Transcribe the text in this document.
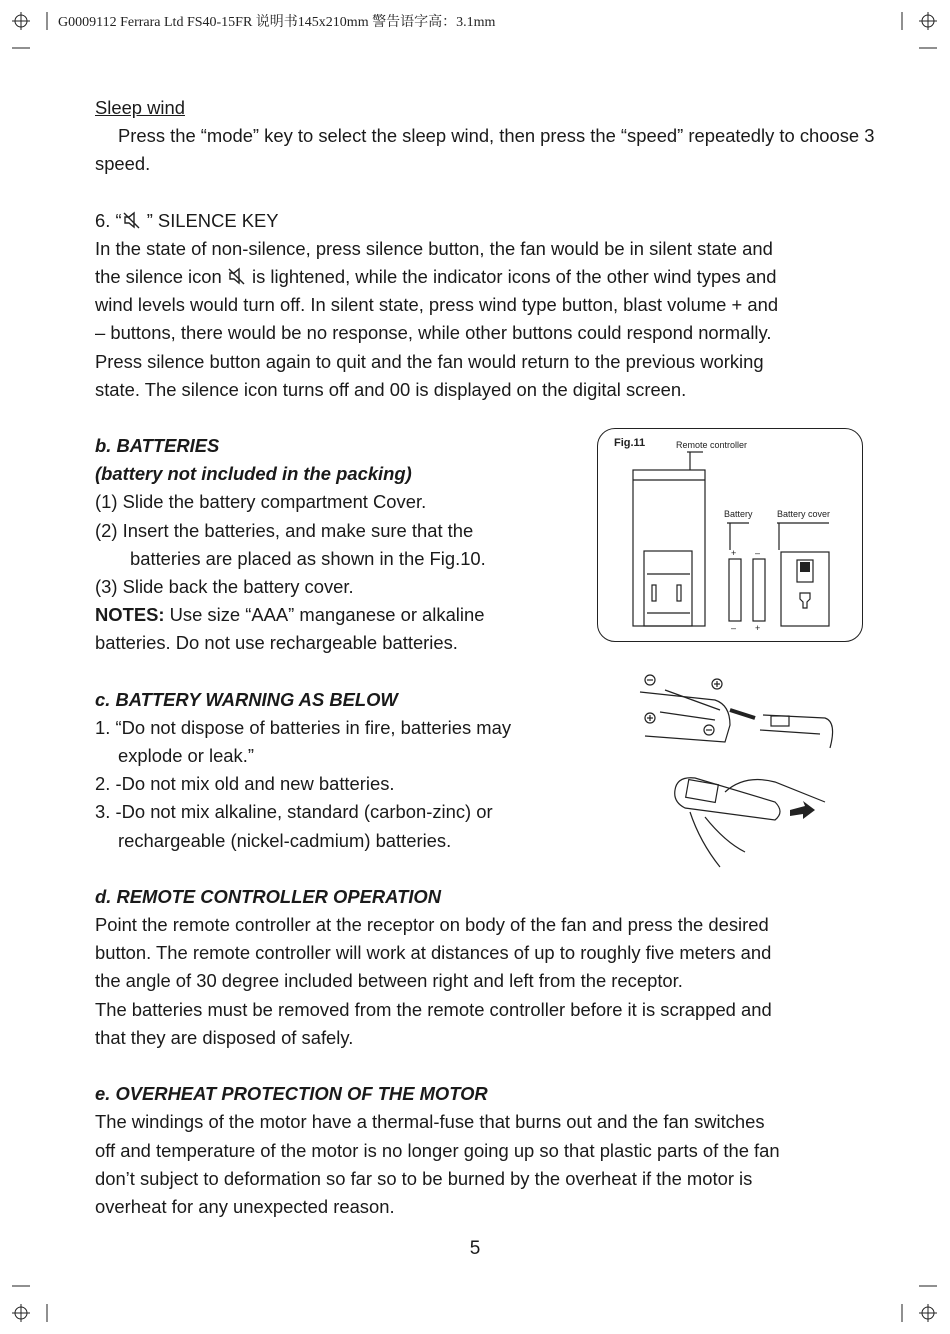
G0009112 Ferrara Ltd FS40-15FR 说明书145x210mm 警告语字高：3.1mm

Sleep wind

Press the “mode” key to select the sleep wind, then press the “speed” repeatedly to choose 3 speed.

6. “ ” SILENCE KEY

In the state of non-silence, press silence button, the fan would be in silent state and

the silence icon is lightened, while the indicator icons of the other wind types and

wind levels would turn off. In silent state, press wind type button, blast volume + and

– buttons, there would be no response, while other buttons could respond normally.

Press silence button again to quit and the fan would return to the previous working

state. The silence icon turns off and 00 is displayed on the digital screen.

b. BATTERIES

(battery not included in the packing)

(1) Slide the battery compartment Cover.

(2) Insert the batteries, and make sure that the

batteries are placed as shown in the Fig.10.

(3) Slide back the battery cover.

NOTES: Use size “AAA” manganese or alkaline

batteries. Do not use rechargeable batteries.

c. BATTERY WARNING AS BELOW

1. “Do not dispose of batteries in fire, batteries may

explode or leak.”

2. -Do not mix old and new batteries.

3. -Do not mix alkaline, standard (carbon-zinc) or

rechargeable (nickel-cadmium) batteries.

d. REMOTE CONTROLLER OPERATION

Point the remote controller at the receptor on body of the fan and press the desired

button. The remote controller will work at distances of up to roughly five meters and

the angle of 30 degree included between right and left from the receptor.

The batteries must be removed from the remote controller before it is scrapped and

that they are disposed of safely.

e. OVERHEAT PROTECTION OF THE MOTOR

The windings of the motor have a thermal-fuse that burns out and the fan switches

off and temperature of the motor is no longer going up so that plastic parts of the fan

don’t subject to deformation so far so to be burned by the overheat if the motor is

overheat for any unexpected reason.

Fig.11	Remote controller
Battery	Battery cover
+ –
– +
5
